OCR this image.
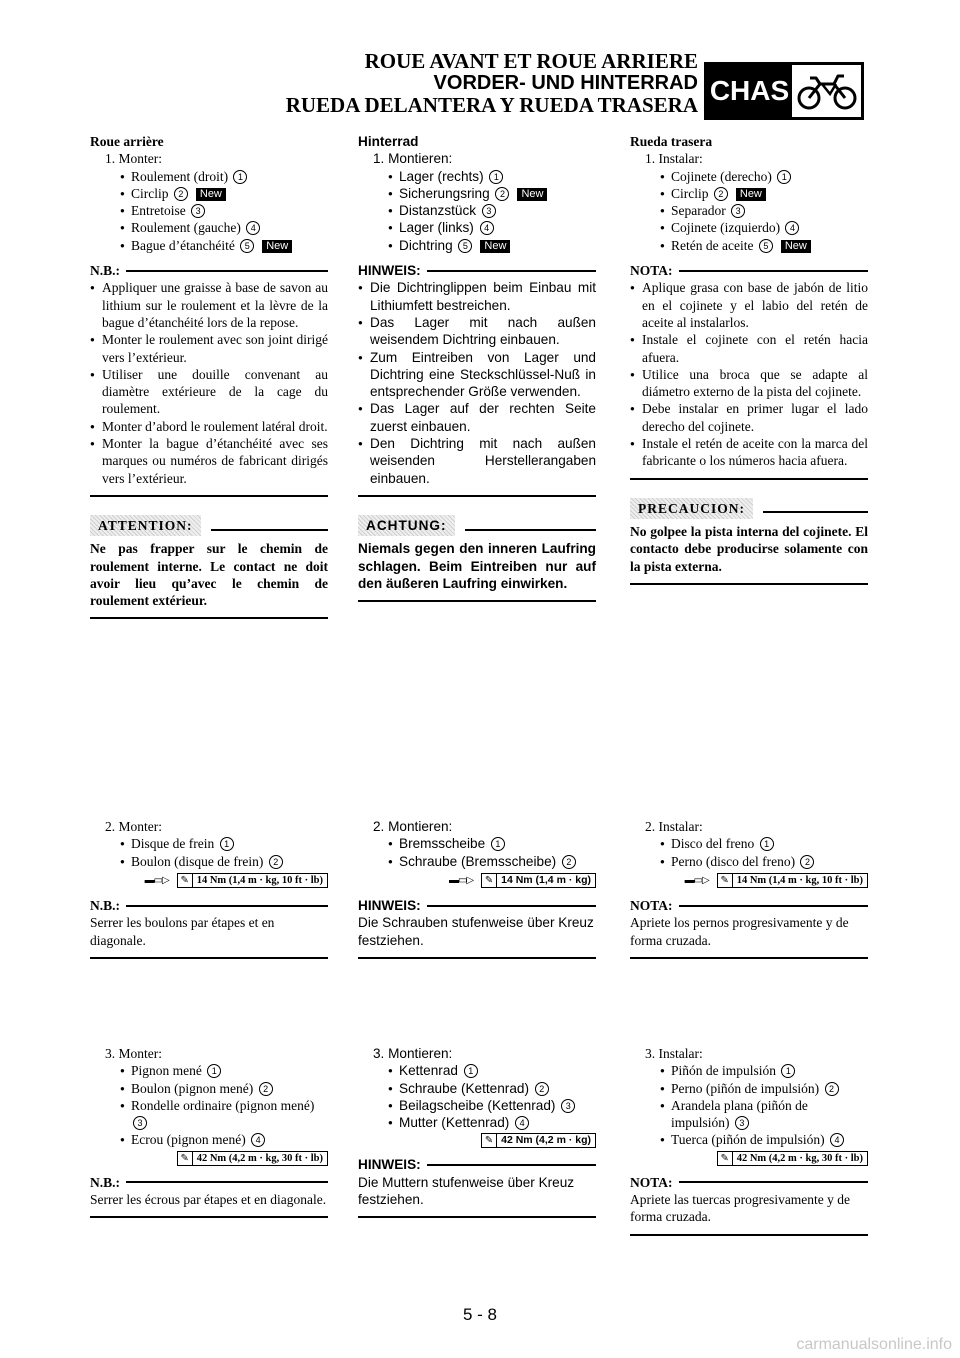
ROUE AVANT ET ROUE ARRIERE
VORDER- UND HINTERRAD
RUEDA DELANTERA Y RUEDA TRASERA CHAS
Roue arrière
1. Monter:
● Roulement (droit) 1
● Circlip 2 New
● Entretoise 3
● Roulement (gauche) 4
● Bague d’étanchéité 5 New
N.B.:
● Appliquer une graisse à base de savon au lithium sur le roulement et la lèvre de la bague d’étanchéité lors de la repose.
● Monter le roulement avec son joint dirigé vers l’extérieur.
● Utiliser une douille convenant au diamètre extérieure de la cage du roulement.
● Monter d’abord le roulement latéral droit.
● Monter la bague d’étanchéité avec ses marques ou numéros de fabricant dirigés vers l’extérieur.
ATTENTION:
Ne pas frapper sur le chemin de roulement interne. Le contact ne doit avoir lieu qu’avec le chemin de roulement extérieur.
Hinterrad
1. Montieren:
● Lager (rechts) 1
● Sicherungsring 2 New
● Distanzstück 3
● Lager (links) 4
● Dichtring 5 New
HINWEIS:
● Die Dichtringlippen beim Einbau mit Lithiumfett bestreichen.
● Das Lager mit nach außen weisendem Dichtring einbauen.
● Zum Eintreiben von Lager und Dichtring eine Steckschlüssel-Nuß in entsprechender Größe verwenden.
● Das Lager auf der rechten Seite zuerst einbauen.
● Den Dichtring mit nach außen weisenden Herstellerangaben einbauen.
ACHTUNG:
Niemals gegen den inneren Laufring schlagen. Beim Eintreiben nur auf den äußeren Laufring einwirken.
Rueda trasera
1. Instalar:
● Cojinete (derecho) 1
● Circlip 2 New
● Separador 3
● Cojinete (izquierdo) 4
● Retén de aceite 5 New
NOTA:
● Aplique grasa con base de jabón de litio en el cojinete y el labio del retén de aceite al instalarlos.
● Instale el cojinete con el retén hacia afuera.
● Utilice una broca que se adapte al diámetro externo de la pista del cojinete.
● Debe instalar en primer lugar el lado derecho del cojinete.
● Instale el retén de aceite con la marca del fabricante o los números hacia afuera.
PRECAUCION:
No golpee la pista interna del cojinete. El contacto debe producirse solamente con la pista externa.
2. Monter:
● Disque de frein 1
● Boulon (disque de frein) 2
▬▭▷ ✎ 14 Nm (1,4 m · kg, 10 ft · lb)
N.B.:
Serrer les boulons par étapes et en diagonale.
2. Montieren:
● Bremsscheibe 1
● Schraube (Bremsscheibe) 2
▬▭▷ ✎ 14 Nm (1,4 m · kg)
HINWEIS:
Die Schrauben stufenweise über Kreuz festziehen.
2. Instalar:
● Disco del freno 1
● Perno (disco del freno) 2
▬▭▷ ✎ 14 Nm (1,4 m · kg, 10 ft · lb)
NOTA:
Apriete los pernos progresivamente y de forma cruzada.
3. Monter:
● Pignon mené 1
● Boulon (pignon mené) 2
● Rondelle ordinaire (pignon mené) 3
● Ecrou (pignon mené) 4
✎ 42 Nm (4,2 m · kg, 30 ft · lb)
N.B.:
Serrer les écrous par étapes et en diagonale.
3. Montieren:
● Kettenrad 1
● Schraube (Kettenrad) 2
● Beilagscheibe (Kettenrad) 3
● Mutter (Kettenrad) 4
✎ 42 Nm (4,2 m · kg)
HINWEIS:
Die Muttern stufenweise über Kreuz festziehen.
3. Instalar:
● Piñón de impulsión 1
● Perno (piñón de impulsión) 2
● Arandela plana (piñón de impulsión) 3
● Tuerca (piñón de impulsión) 4
✎ 42 Nm (4,2 m · kg, 30 ft · lb)
NOTA:
Apriete las tuercas progresivamente y de forma cruzada.
5 - 8
carmanualsonline.info
